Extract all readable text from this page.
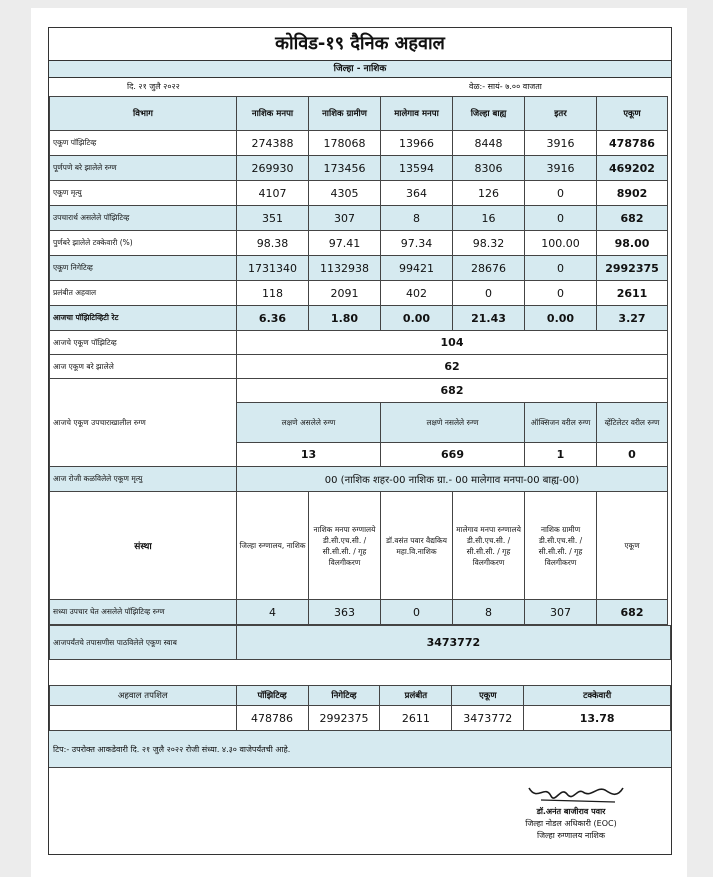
कोविड-१९ दैनिक अहवाल
जिल्हा - नाशिक
दि. २१ जुलै २०२२	वेळ:- सायं- ७.०० वाजता
विभाग	नाशिक मनपा	नाशिक ग्रामीण	मालेगाव मनपा	जिल्हा बाह्य	इतर	एकूण
एकूण पॉझिटिव्ह	274388	178068	13966	8448	3916	478786
पूर्णपणे बरे झालेले रुग्ण	269930	173456	13594	8306	3916	469202
एकूण मृत्यु	4107	4305	364	126	0	8902
उपचारार्थ असलेले पॉझिटिव्ह	351	307	8	16	0	682
पुर्णबरे झालेले टक्केवारी (%)	98.38	97.41	97.34	98.32	100.00	98.00
एकूण निगेटिव्ह	1731340	1132938	99421	28676	0	2992375
प्रलंबीत अहवाल	118	2091	402	0	0	2611
आजचा पॉझिटिव्हिटी रेट	6.36	1.80	0.00	21.43	0.00	3.27
आजचे एकूण पॉझिटिव्ह	104					
आज एकूण बरे झालेले	62					
आजचे एकूण उपचाराखालील रुग्ण	682					
	लक्षणे असलेले रुग्ण		लक्षणे नसलेले रुग्ण		ऑक्सिजन वरील रुग्ण	व्हेंटिलेटर वरील रुग्ण
	13		669		1	0
आज रोजी कळविलेले एकूण मृत्यु	00 (नाशिक शहर-00 नाशिक ग्रा.- 00 मालेगाव मनपा-00 बाह्य-00)					
संस्था	जिल्हा रुग्णालय, नाशिक	नाशिक मनपा रुग्णालये डी.सी.एच.सी. / सी.सी.सी. / गृह विलगीकरण	डॉ.वसंत पवार वैद्यकिय महा.वि.नाशिक	मालेगाव मनपा रुग्णालये डी.सी.एच.सी. / सी.सी.सी. / गृह विलगीकरण	नाशिक ग्रामीण डी.सी.एच.सी. /सी.सी.सी. / गृह विलगीकरण	एकूण
सध्या उपचार घेत असलेले पॉझिटिव्ह रुग्ण	4	363	0	8	307	682
आजपर्यंतचे तपासणीस पाठविलेले एकूण स्वाब	3473772
अहवाल तपशिल	पॉझिटिव्ह	निगेटिव्ह	प्रलंबीत	एकूण	टक्केवारी
	478786	2992375	2611	3473772	13.78
टिप:- उपरोक्त आकडेवारी दि. २१ जुलै २०२२ रोजी संध्या. ४.३० वाजेपर्यंतची आहे.
डॉ.अनंत बाजीराव पवार
जिल्हा नोडल अधिकारी (EOC)
जिल्हा रुग्णालय नाशिक
